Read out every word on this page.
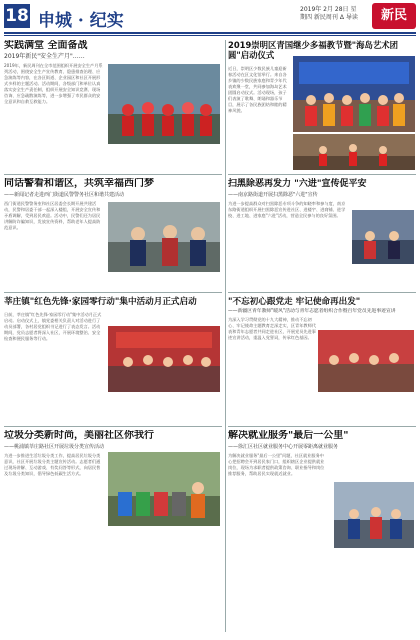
18 申城 · 纪实
2019年 2月 28日 星期四 新民周刊 Δ 导读	新民
实践满堂 全面备战
2019年新民"安全生产月"……
2019年，新民周刊在全市范围组织开展安全生产月系列活动，围绕安全生产宣传教育、隐患排查治理、应急演练等内容，在各区街道、企业园区和社区开展形式多样的主题活动。活动期间，各级部门和单位认真落实安全生产责任制，组织开展安全知识竞赛、现场咨询、应急疏散演练等，进一步增强了市民群众的安全意识和自救互救能力。
2019崇明区青国继少多福教节暨"海岛艺术团圆"启动仪式
近日，崇明区少数民族儿童迎新春活动在区文化馆举行。来自各乡镇的少数民族家庭和青少年代表欢聚一堂，共同参加海岛艺术团圆启动仪式。活动现场，孩子们表演了歌舞、朗诵和器乐节目，展示了各民族团结和睦的精神风貌。
同话警看和谐区，共筑幸福西门梦
——新闻记者走进西门街道民警警务社区和谐共建活动
西门街道民警警务室和社区居委会长期开展共建活动，民警和居委干部一起深入楼组，开展安全宣传和矛盾调解，受到居民欢迎。活动中，民警们还为居民讲解防诈骗知识，发放宣传资料，帮助老年人提高防范意识。
扫黑除恶再发力 "六进"宣传促平安
——南京路街道开展扫黑除恶"六进"宣传
为进一步提高群众对扫黑除恶专项斗争的知晓率和参与度，南京东路街道组织开展扫黑除恶宣传进社区、进楼宇、进商铺、进学校、进工地、进家庭"六进"活动，营造全民参与的良好氛围。
莘庄镇"红色先锋·家园零行动"集中活动月正式启动
日前，莘庄镇"红色先锋·家园零行动"集中活动月正式启动。启动仪式上，镇党委相关负责人对活动进行了动员部署，各村居党组织书记进行了表态发言。活动期间，党员志愿者将深入社区，开展环境整治、安全检查和便民服务等行动。
"不忘初心跟党走 牢记使命再出发"
——新疆区青年教师"暖风"活动与青年志愿者组织合作暨百年党员先进事迹宣讲
为深入学习贯彻党的十九大精神，推动不忘初心、牢记使命主题教育走深走实，区青年教师代表和青年志愿者共同走进社区，开展党员先进事迹宣讲活动，重温入党誓词，传承红色基因。
垃圾分类新时尚，美丽社区你我行
——桃浦镇莘庄路社区开展垃圾分类宣传活动
为进一步推进生活垃圾分类工作，提高居民垃圾分类意识，社区开展垃圾分类主题宣传活动。志愿者们通过现场讲解、互动游戏、有奖问答等形式，向居民普及垃圾分类知识，倡导绿色低碳生活方式。
解决就业服务"最后一公里"
——徐汇区社区就业服务中心开展零距离就业服务
为解决就业服务"最后一公里"问题，社区就业服务中心把招聘会开到居民家门口，组织辖区企业提供就业岗位，现场为求职者提供政策咨询、职业指导和岗位推荐服务，帮助居民实现就近就业。
